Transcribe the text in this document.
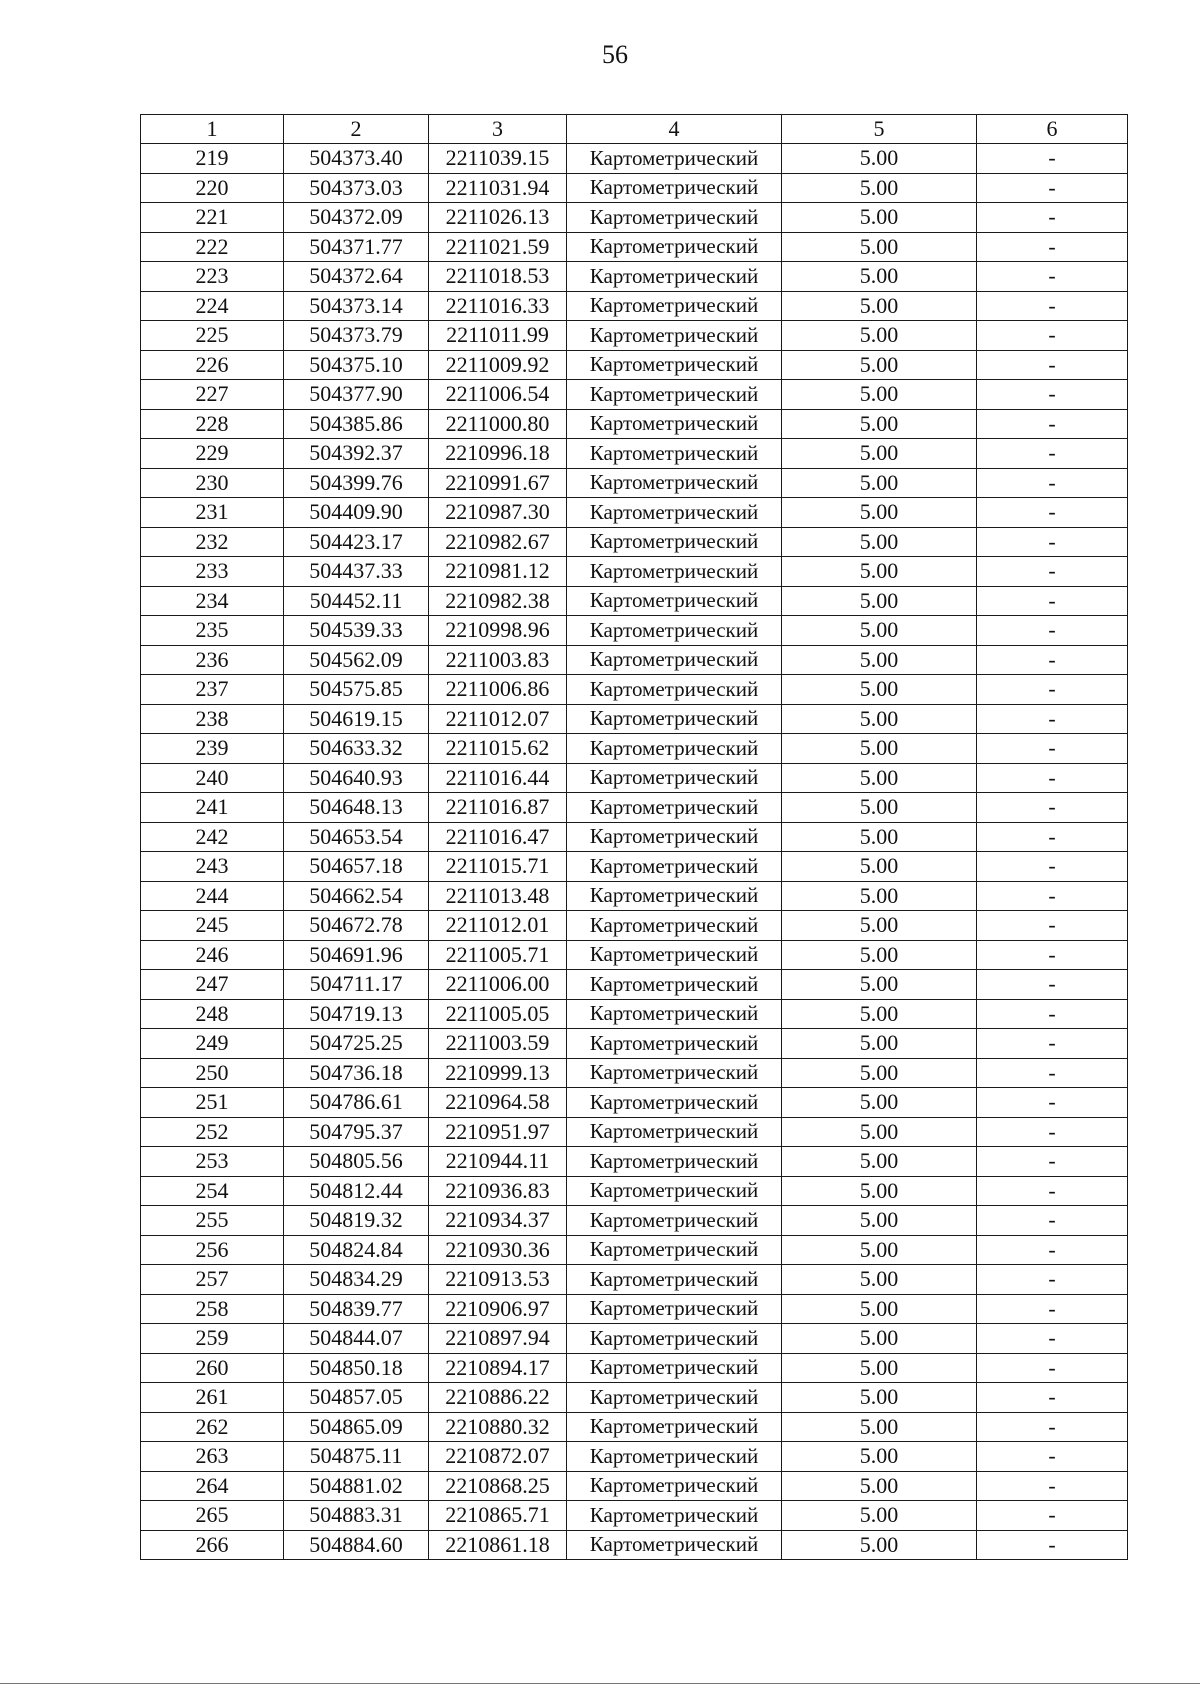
56
1	2	3	4	5	6
219	504373.40	2211039.15	Картометрический	5.00	-
220	504373.03	2211031.94	Картометрический	5.00	-
221	504372.09	2211026.13	Картометрический	5.00	-
222	504371.77	2211021.59	Картометрический	5.00	-
223	504372.64	2211018.53	Картометрический	5.00	-
224	504373.14	2211016.33	Картометрический	5.00	-
225	504373.79	2211011.99	Картометрический	5.00	-
226	504375.10	2211009.92	Картометрический	5.00	-
227	504377.90	2211006.54	Картометрический	5.00	-
228	504385.86	2211000.80	Картометрический	5.00	-
229	504392.37	2210996.18	Картометрический	5.00	-
230	504399.76	2210991.67	Картометрический	5.00	-
231	504409.90	2210987.30	Картометрический	5.00	-
232	504423.17	2210982.67	Картометрический	5.00	-
233	504437.33	2210981.12	Картометрический	5.00	-
234	504452.11	2210982.38	Картометрический	5.00	-
235	504539.33	2210998.96	Картометрический	5.00	-
236	504562.09	2211003.83	Картометрический	5.00	-
237	504575.85	2211006.86	Картометрический	5.00	-
238	504619.15	2211012.07	Картометрический	5.00	-
239	504633.32	2211015.62	Картометрический	5.00	-
240	504640.93	2211016.44	Картометрический	5.00	-
241	504648.13	2211016.87	Картометрический	5.00	-
242	504653.54	2211016.47	Картометрический	5.00	-
243	504657.18	2211015.71	Картометрический	5.00	-
244	504662.54	2211013.48	Картометрический	5.00	-
245	504672.78	2211012.01	Картометрический	5.00	-
246	504691.96	2211005.71	Картометрический	5.00	-
247	504711.17	2211006.00	Картометрический	5.00	-
248	504719.13	2211005.05	Картометрический	5.00	-
249	504725.25	2211003.59	Картометрический	5.00	-
250	504736.18	2210999.13	Картометрический	5.00	-
251	504786.61	2210964.58	Картометрический	5.00	-
252	504795.37	2210951.97	Картометрический	5.00	-
253	504805.56	2210944.11	Картометрический	5.00	-
254	504812.44	2210936.83	Картометрический	5.00	-
255	504819.32	2210934.37	Картометрический	5.00	-
256	504824.84	2210930.36	Картометрический	5.00	-
257	504834.29	2210913.53	Картометрический	5.00	-
258	504839.77	2210906.97	Картометрический	5.00	-
259	504844.07	2210897.94	Картометрический	5.00	-
260	504850.18	2210894.17	Картометрический	5.00	-
261	504857.05	2210886.22	Картометрический	5.00	-
262	504865.09	2210880.32	Картометрический	5.00	-
263	504875.11	2210872.07	Картометрический	5.00	-
264	504881.02	2210868.25	Картометрический	5.00	-
265	504883.31	2210865.71	Картометрический	5.00	-
266	504884.60	2210861.18	Картометрический	5.00	-
